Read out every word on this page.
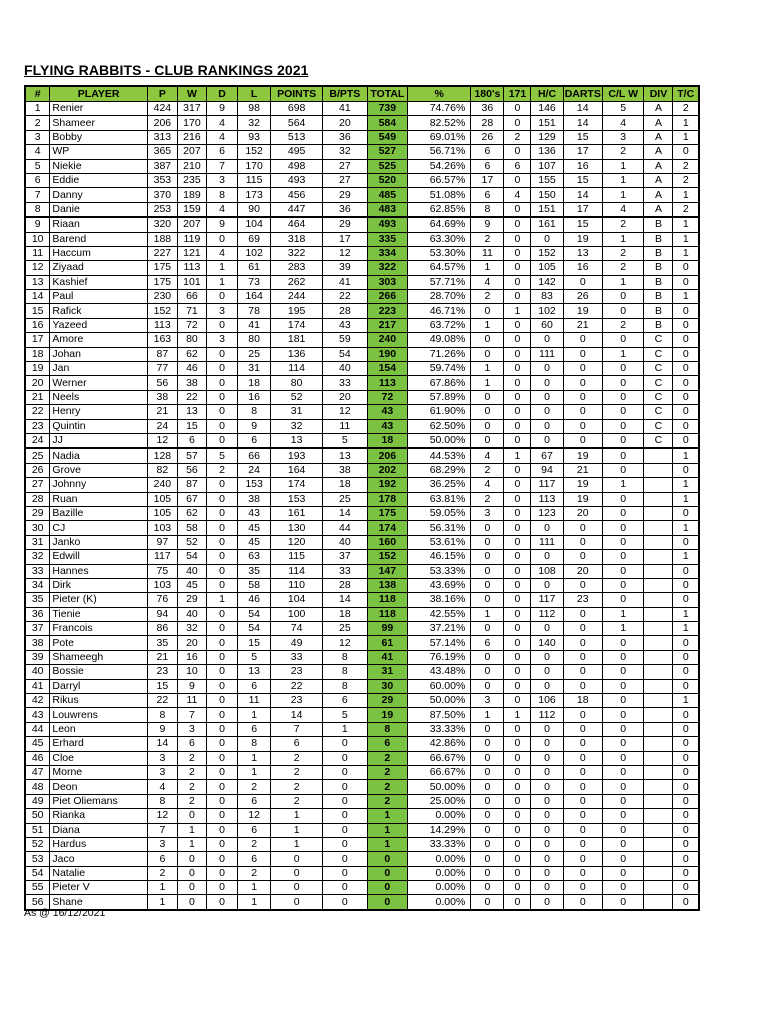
FLYING RABBITS - CLUB RANKINGS 2021
#	PLAYER	P	W	D	L	POINTS	B/PTS	TOTAL	%	180's	171	H/C	DARTS	C/L W	DIV	T/C
1	Renier	424	317	9	98	698	41	739	74.76%	36	0	146	14	5	A	2
2	Shameer	206	170	4	32	564	20	584	82.52%	28	0	151	14	4	A	1
3	Bobby	313	216	4	93	513	36	549	69.01%	26	2	129	15	3	A	1
4	WP	365	207	6	152	495	32	527	56.71%	6	0	136	17	2	A	0
5	Niekie	387	210	7	170	498	27	525	54.26%	6	6	107	16	1	A	2
6	Eddie	353	235	3	115	493	27	520	66.57%	17	0	155	15	1	A	2
7	Danny	370	189	8	173	456	29	485	51.08%	6	4	150	14	1	A	1
8	Danie	253	159	4	90	447	36	483	62.85%	8	0	151	17	4	A	2
9	Riaan	320	207	9	104	464	29	493	64.69%	9	0	161	15	2	B	1
10	Barend	188	119	0	69	318	17	335	63.30%	2	0	0	19	1	B	1
11	Haccum	227	121	4	102	322	12	334	53.30%	11	0	152	13	2	B	1
12	Ziyaad	175	113	1	61	283	39	322	64.57%	1	0	105	16	2	B	0
13	Kashief	175	101	1	73	262	41	303	57.71%	4	0	142	0	1	B	0
14	Paul	230	66	0	164	244	22	266	28.70%	2	0	83	26	0	B	1
15	Rafick	152	71	3	78	195	28	223	46.71%	0	1	102	19	0	B	0
16	Yazeed	113	72	0	41	174	43	217	63.72%	1	0	60	21	2	B	0
17	Amore	163	80	3	80	181	59	240	49.08%	0	0	0	0	0	C	0
18	Johan	87	62	0	25	136	54	190	71.26%	0	0	111	0	1	C	0
19	Jan	77	46	0	31	114	40	154	59.74%	1	0	0	0	0	C	0
20	Werner	56	38	0	18	80	33	113	67.86%	1	0	0	0	0	C	0
21	Neels	38	22	0	16	52	20	72	57.89%	0	0	0	0	0	C	0
22	Henry	21	13	0	8	31	12	43	61.90%	0	0	0	0	0	C	0
23	Quintin	24	15	0	9	32	11	43	62.50%	0	0	0	0	0	C	0
24	JJ	12	6	0	6	13	5	18	50.00%	0	0	0	0	0	C	0
25	Nadia	128	57	5	66	193	13	206	44.53%	4	1	67	19	0		1
26	Grove	82	56	2	24	164	38	202	68.29%	2	0	94	21	0		0
27	Johnny	240	87	0	153	174	18	192	36.25%	4	0	117	19	1		1
28	Ruan	105	67	0	38	153	25	178	63.81%	2	0	113	19	0		1
29	Bazille	105	62	0	43	161	14	175	59.05%	3	0	123	20	0		0
30	CJ	103	58	0	45	130	44	174	56.31%	0	0	0	0	0		1
31	Janko	97	52	0	45	120	40	160	53.61%	0	0	111	0	0		0
32	Edwill	117	54	0	63	115	37	152	46.15%	0	0	0	0	0		1
33	Hannes	75	40	0	35	114	33	147	53.33%	0	0	108	20	0		0
34	Dirk	103	45	0	58	110	28	138	43.69%	0	0	0	0	0		0
35	Pieter (K)	76	29	1	46	104	14	118	38.16%	0	0	117	23	0		0
36	Tienie	94	40	0	54	100	18	118	42.55%	1	0	112	0	1		1
37	Francois	86	32	0	54	74	25	99	37.21%	0	0	0	0	1		1
38	Pote	35	20	0	15	49	12	61	57.14%	6	0	140	0	0		0
39	Shameegh	21	16	0	5	33	8	41	76.19%	0	0	0	0	0		0
40	Bossie	23	10	0	13	23	8	31	43.48%	0	0	0	0	0		0
41	Darryl	15	9	0	6	22	8	30	60.00%	0	0	0	0	0		0
42	Rikus	22	11	0	11	23	6	29	50.00%	3	0	106	18	0		1
43	Louwrens	8	7	0	1	14	5	19	87.50%	1	1	112	0	0		0
44	Leon	9	3	0	6	7	1	8	33.33%	0	0	0	0	0		0
45	Erhard	14	6	0	8	6	0	6	42.86%	0	0	0	0	0		0
46	Cloe	3	2	0	1	2	0	2	66.67%	0	0	0	0	0		0
47	Morne	3	2	0	1	2	0	2	66.67%	0	0	0	0	0		0
48	Deon	4	2	0	2	2	0	2	50.00%	0	0	0	0	0		0
49	Piet Oliemans	8	2	0	6	2	0	2	25.00%	0	0	0	0	0		0
50	Rianka	12	0	0	12	1	0	1	0.00%	0	0	0	0	0		0
51	Diana	7	1	0	6	1	0	1	14.29%	0	0	0	0	0		0
52	Hardus	3	1	0	2	1	0	1	33.33%	0	0	0	0	0		0
53	Jaco	6	0	0	6	0	0	0	0.00%	0	0	0	0	0		0
54	Natalie	2	0	0	2	0	0	0	0.00%	0	0	0	0	0		0
55	Pieter V	1	0	0	1	0	0	0	0.00%	0	0	0	0	0		0
56	Shane	1	0	0	1	0	0	0	0.00%	0	0	0	0	0		0
As @ 16/12/2021
